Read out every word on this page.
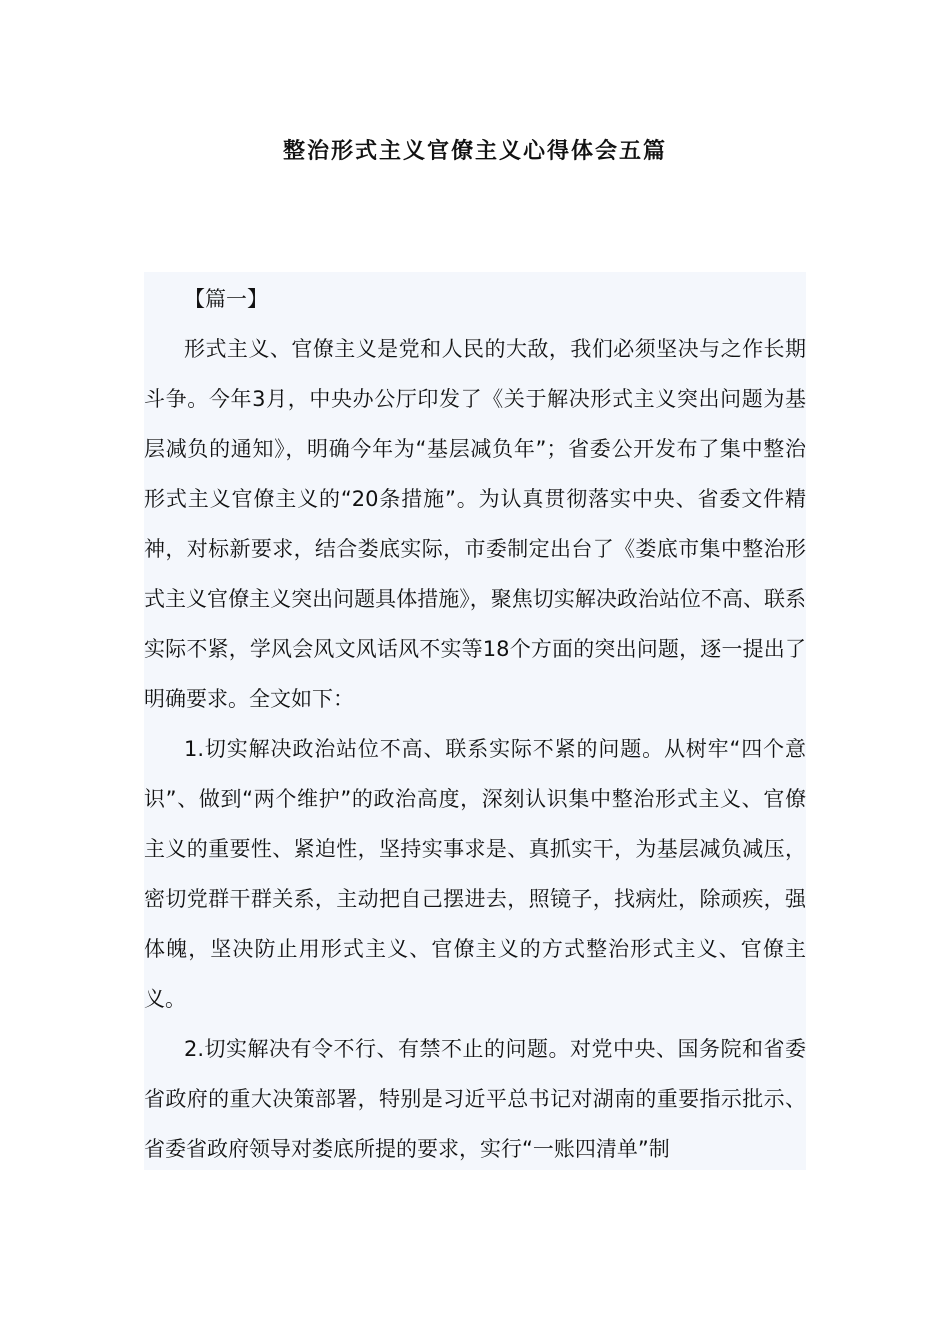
整治形式主义官僚主义心得体会五篇

【篇一】

形式主义、官僚主义是党和人民的大敌，我们必须坚决与之作长期斗争。今年3月，中央办公厅印发了《关于解决形式主义突出问题为基层减负的通知》，明确今年为“基层减负年”；省委公开发布了集中整治形式主义官僚主义的“20条措施”。为认真贯彻落实中央、省委文件精神，对标新要求，结合娄底实际，市委制定出台了《娄底市集中整治形式主义官僚主义突出问题具体措施》，聚焦切实解决政治站位不高、联系实际不紧，学风会风文风话风不实等18个方面的突出问题，逐一提出了明确要求。全文如下：

1.切实解决政治站位不高、联系实际不紧的问题。从树牢“四个意识”、做到“两个维护”的政治高度，深刻认识集中整治形式主义、官僚主义的重要性、紧迫性，坚持实事求是、真抓实干，为基层减负减压，密切党群干群关系，主动把自己摆进去，照镜子，找病灶，除顽疾，强体魄，坚决防止用形式主义、官僚主义的方式整治形式主义、官僚主义。

2.切实解决有令不行、有禁不止的问题。对党中央、国务院和省委省政府的重大决策部署，特别是习近平总书记对湖南的重要指示批示、省委省政府领导对娄底所提的要求，实行“一账四清单”制
